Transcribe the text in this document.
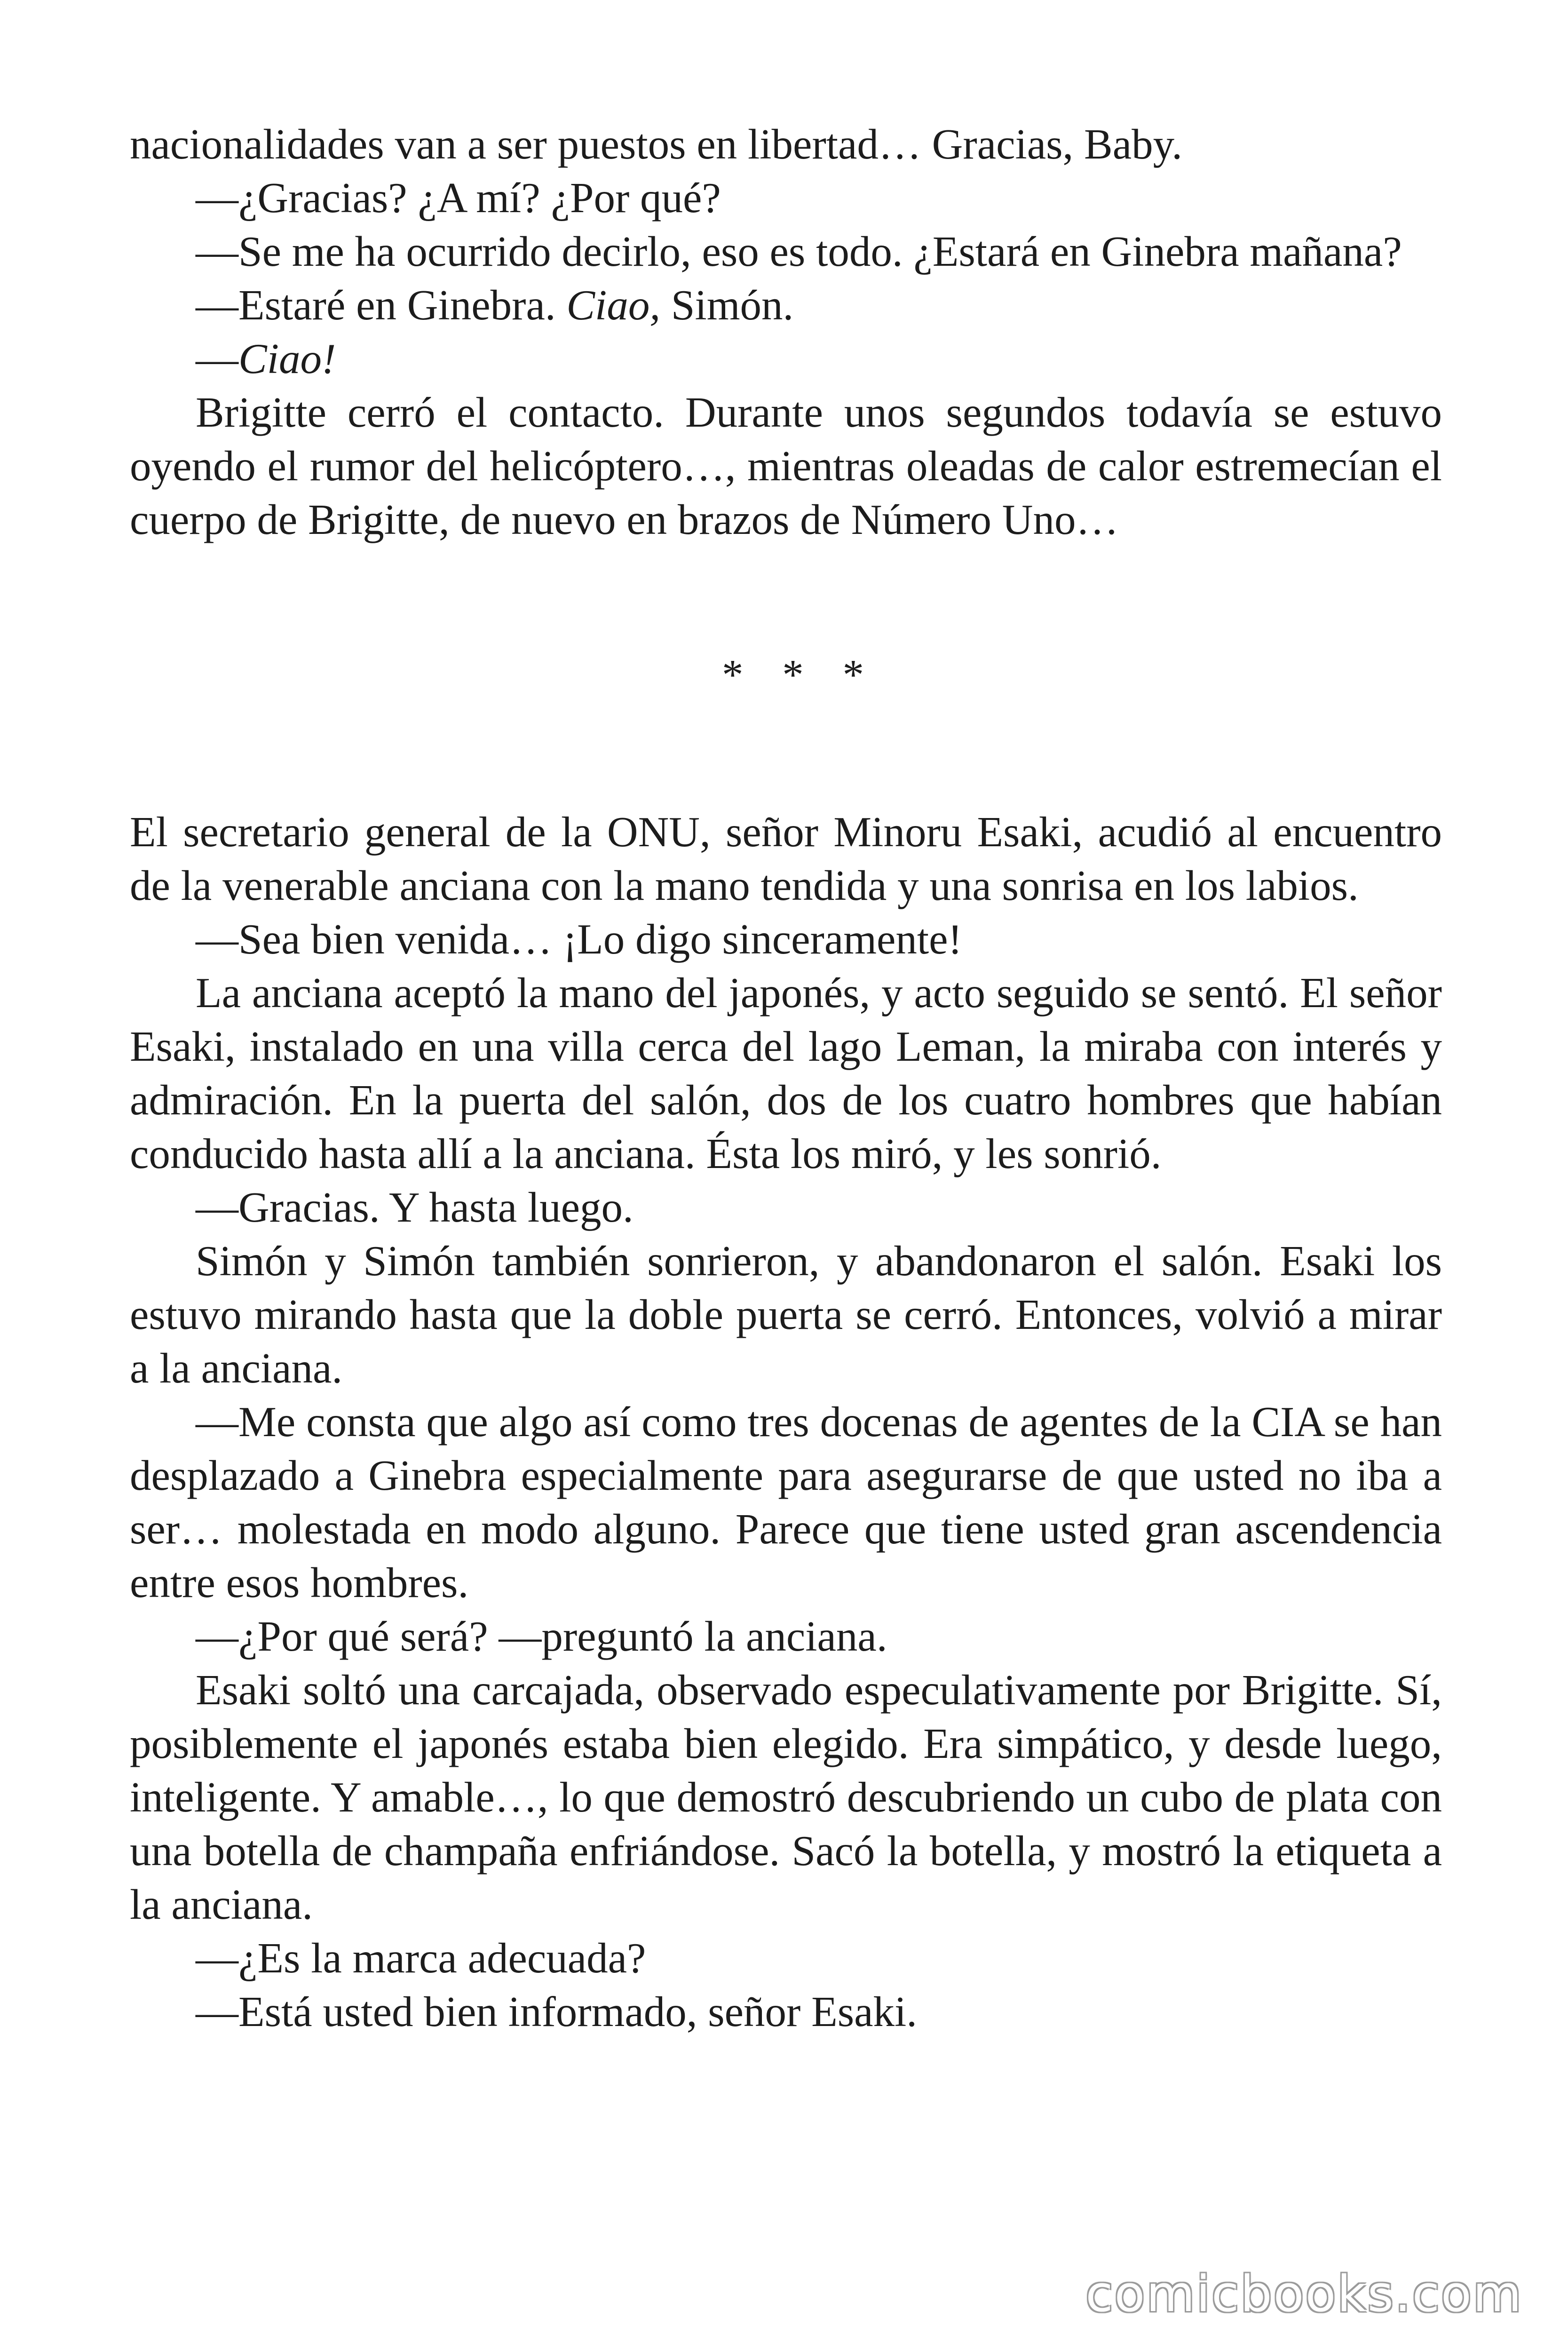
nacionalidades van a ser puestos en libertad… Gracias, Baby.

—¿Gracias? ¿A mí? ¿Por qué?

—Se me ha ocurrido decirlo, eso es todo. ¿Estará en Ginebra mañana?

—Estaré en Ginebra. Ciao, Simón.

—Ciao!

Brigitte cerró el contacto. Durante unos segundos todavía se estuvo oyendo el rumor del helicóptero…, mientras oleadas de calor estremecían el cuerpo de Brigitte, de nuevo en brazos de Número Uno…

* * *

El secretario general de la ONU, señor Minoru Esaki, acudió al encuentro de la venerable anciana con la mano tendida y una sonrisa en los labios.

—Sea bien venida… ¡Lo digo sinceramente!

La anciana aceptó la mano del japonés, y acto seguido se sentó. El señor Esaki, instalado en una villa cerca del lago Leman, la miraba con interés y admiración. En la puerta del salón, dos de los cuatro hombres que habían conducido hasta allí a la anciana. Ésta los miró, y les sonrió.

—Gracias. Y hasta luego.

Simón y Simón también sonrieron, y abandonaron el salón. Esaki los estuvo mirando hasta que la doble puerta se cerró. Entonces, volvió a mirar a la anciana.

—Me consta que algo así como tres docenas de agentes de la CIA se han desplazado a Ginebra especialmente para asegurarse de que usted no iba a ser… molestada en modo alguno. Parece que tiene usted gran ascendencia entre esos hombres.

—¿Por qué será? —preguntó la anciana.

Esaki soltó una carcajada, observado especulativamente por Brigitte. Sí, posiblemente el japonés estaba bien elegido. Era simpático, y desde luego, inteligente. Y amable…, lo que demostró descubriendo un cubo de plata con una botella de champaña enfriándose. Sacó la botella, y mostró la etiqueta a la anciana.

—¿Es la marca adecuada?

—Está usted bien informado, señor Esaki.

comicbooks.com
